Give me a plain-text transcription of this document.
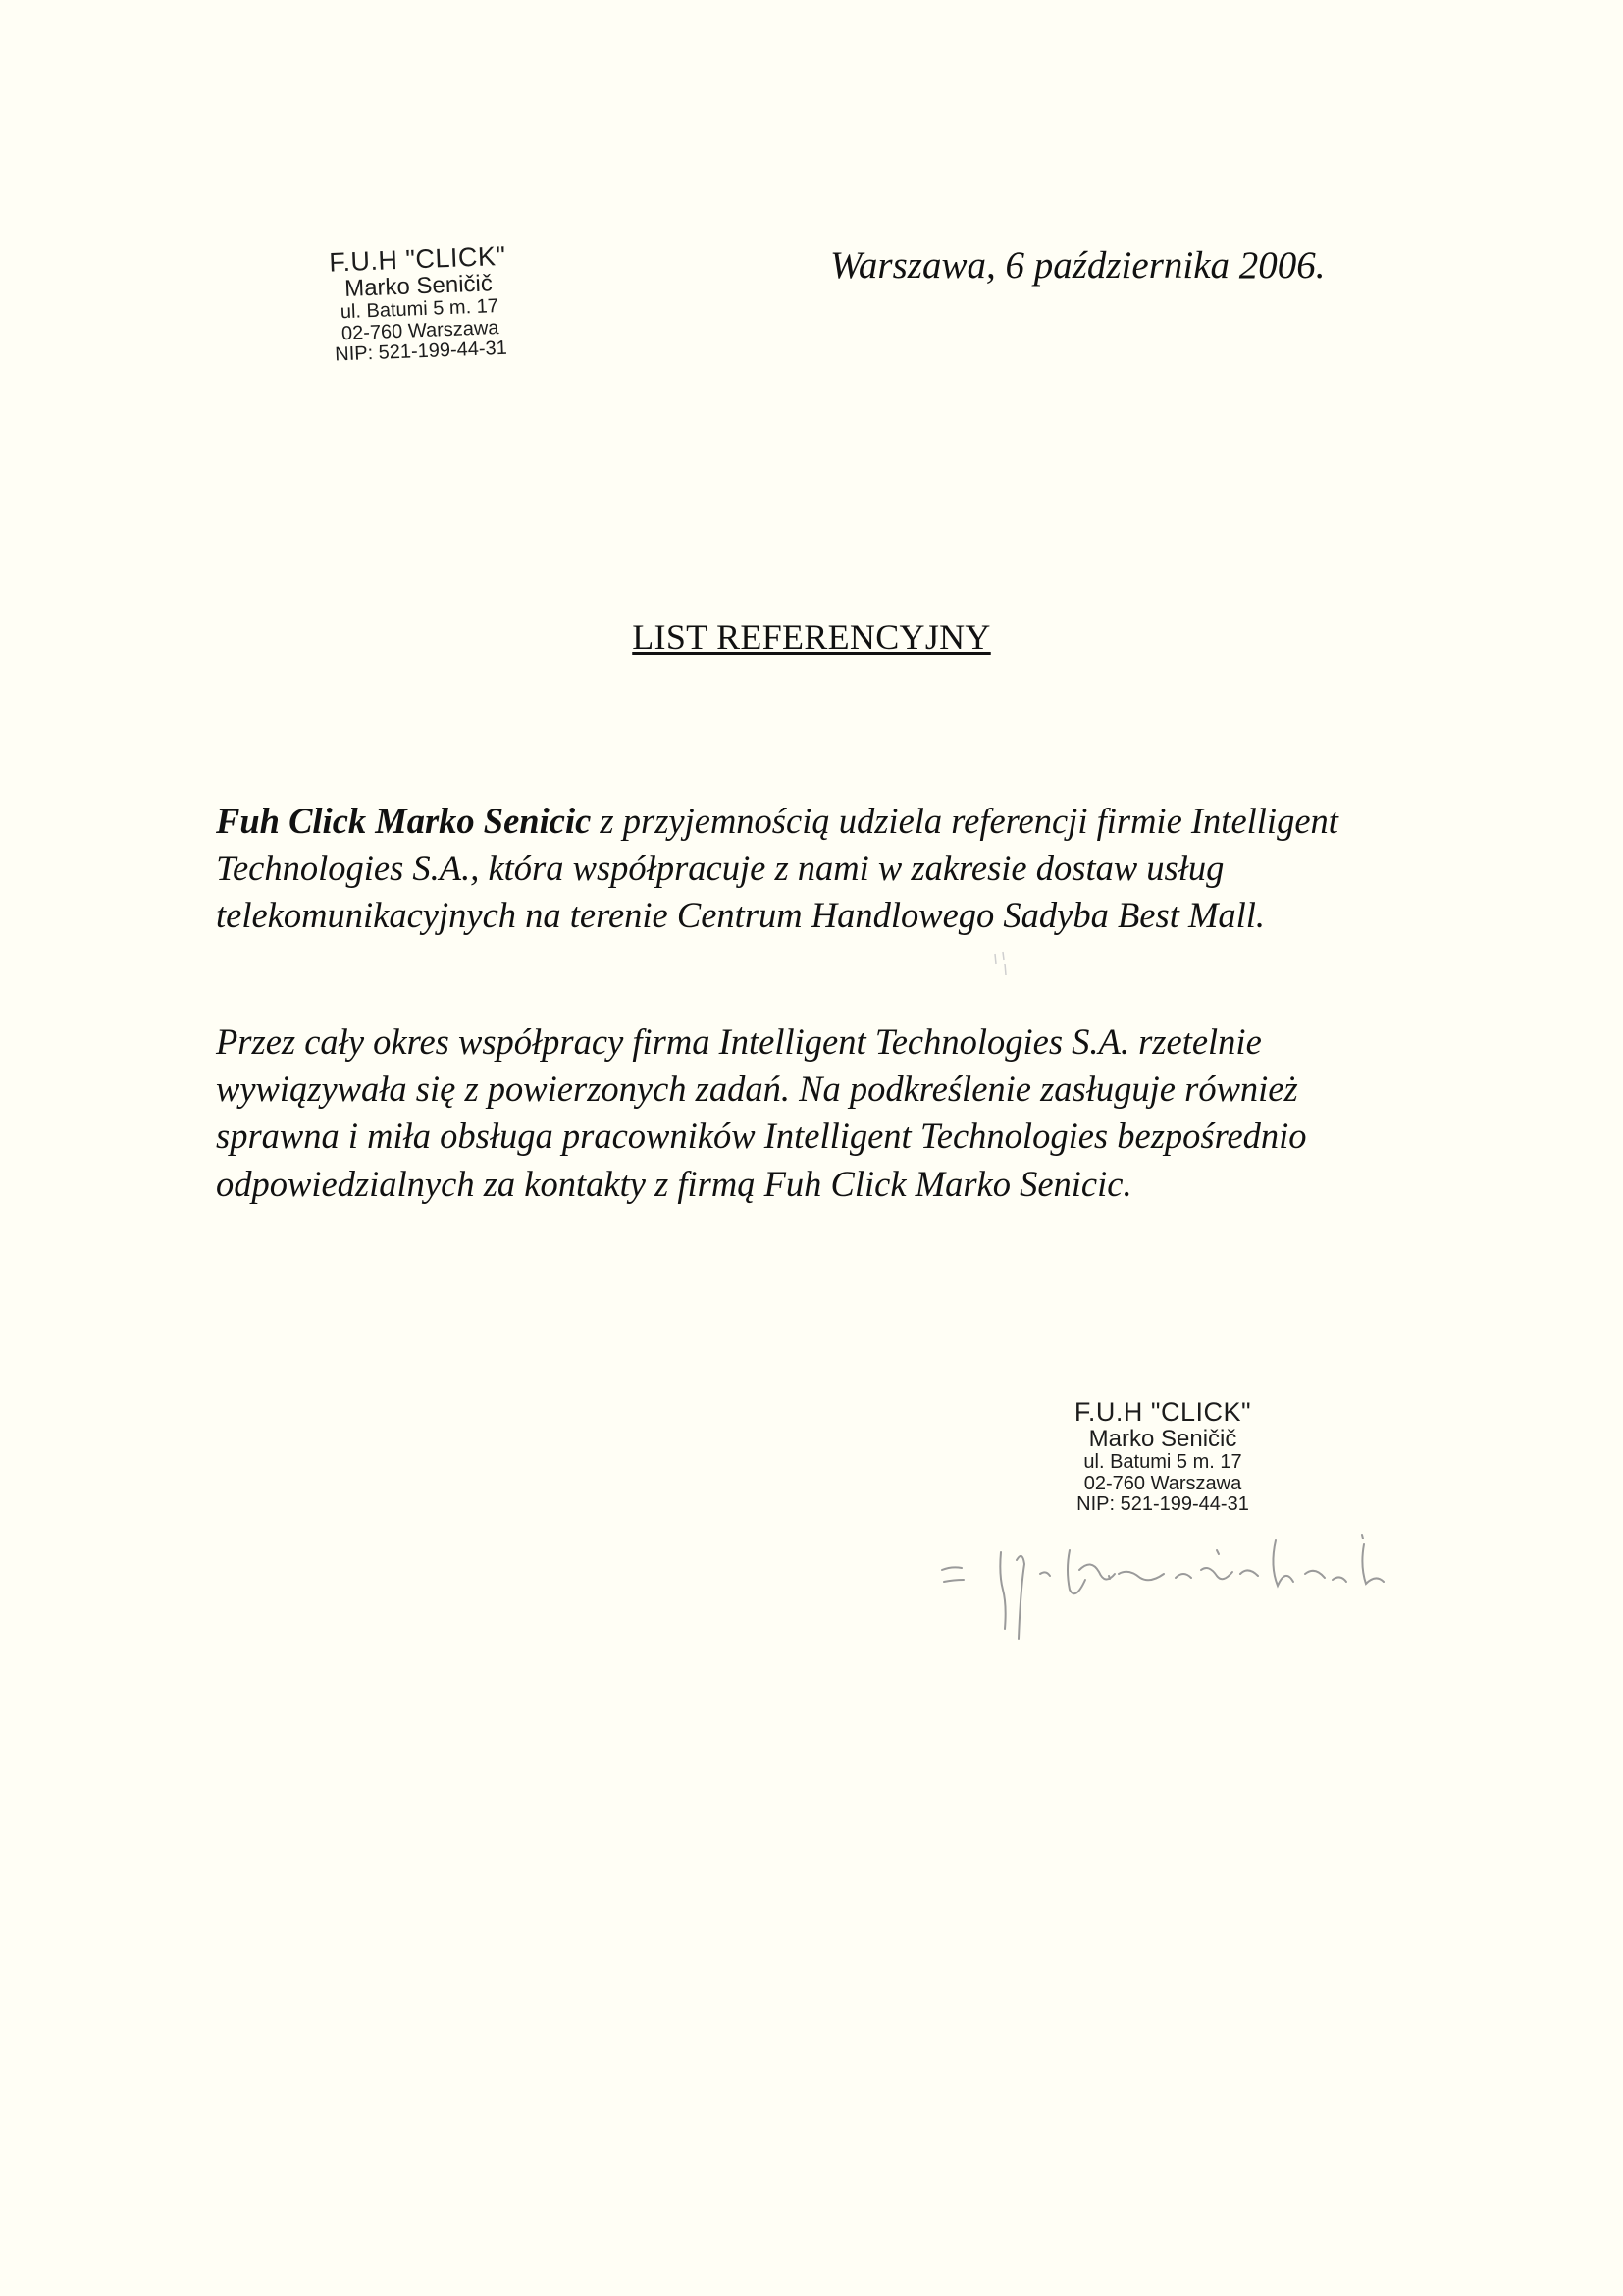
F.U.H "CLICK"
Marko Seničič
ul. Batumi 5 m. 17
02-760 Warszawa
NIP: 521-199-44-31
Warszawa, 6 października 2006.
LIST REFERENCYJNY

Fuh Click Marko Senicic z przyjemnością udziela referencji firmie Intelligent Technologies S.A., która współpracuje z nami w zakresie dostaw usług telekomunikacyjnych na terenie Centrum Handlowego Sadyba Best Mall.

Przez cały okres współpracy firma Intelligent Technologies S.A. rzetelnie wywiązywała się z powierzonych zadań. Na podkreślenie zasługuje również sprawna i miła obsługa pracowników Intelligent Technologies bezpośrednio odpowiedzialnych za kontakty z firmą Fuh Click Marko Senicic.

F.U.H "CLICK"
Marko Seničič
ul. Batumi 5 m. 17
02-760 Warszawa
NIP: 521-199-44-31
